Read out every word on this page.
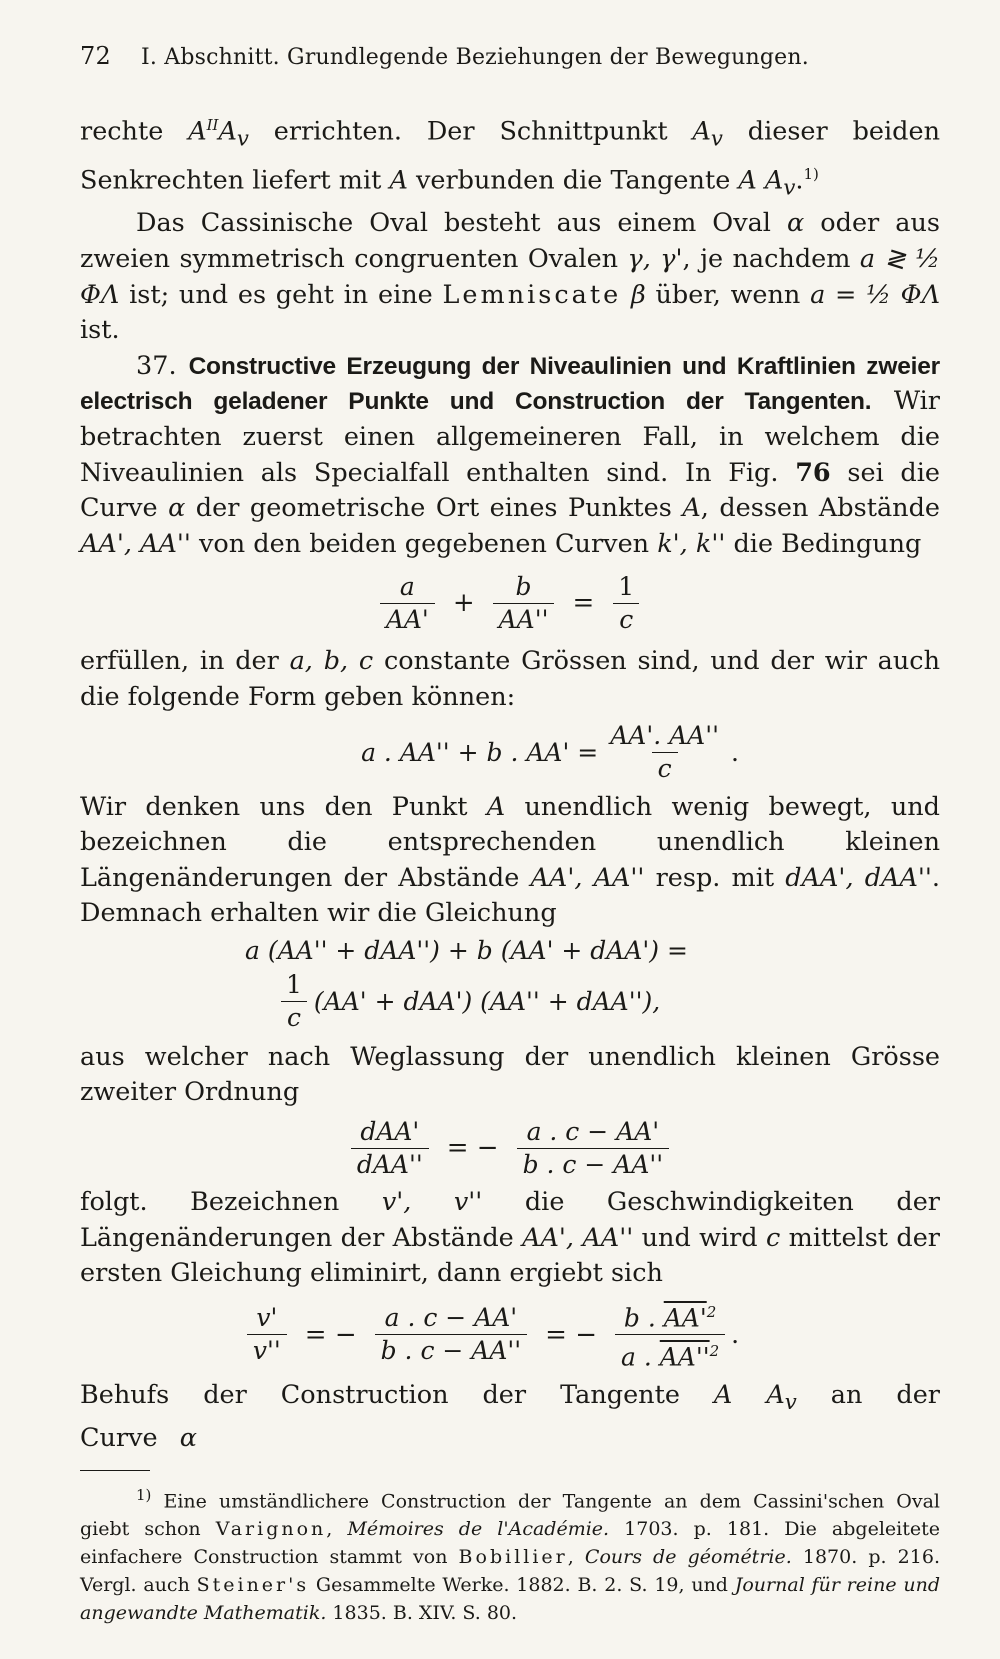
72 I. Abschnitt. Grundlegende Beziehungen der Bewegungen.

rechte $A^{II}A_v$ errichten. Der Schnittpunkt $A_v$ dieser beiden Senkrechten liefert mit A verbunden die Tangente A $A_v.^{1)}$

Das Cassinische Oval besteht aus einem Oval α oder aus zweien symmetrisch congruenten Ovalen γ, γ', je nachdem a ≷ ½ ΦΛ ist; und es geht in eine Lemniscate β über, wenn a = ½ ΦΛ ist.

37. Constructive Erzeugung der Niveaulinien und Kraftlinien zweier electrisch geladener Punkte und Construction der Tangenten. Wir betrachten zuerst einen allgemeineren Fall, in welchem die Niveaulinien als Specialfall enthalten sind. In Fig. 76 sei die Curve α der geometrische Ort eines Punktes A, dessen Abstände AA', AA'' von den beiden gegebenen Curven k', k'' die Bedingung

$\frac{a}{AA'} + \frac{b}{AA''} = \frac{1}{c}$

erfüllen, in der a, b, c constante Grössen sind, und der wir auch die folgende Form geben können:

a . AA'' + b . $AA' = \frac{AA'. AA''}{c}$ .

Wir denken uns den Punkt A unendlich wenig bewegt, und bezeichnen die entsprechenden unendlich kleinen Längenänderungen der Abstände AA', AA'' resp. mit dAA', dAA''. Demnach erhalten wir die Gleichung

a (AA'' + dAA'') + b (AA' + dAA') =
$\frac{1}{c} (AA' + dAA') (AA'' + dAA'')$,

aus welcher nach Weglassung der unendlich kleinen Grösse zweiter Ordnung

$\frac{\text{dAA'}}{\text{dAA''}}$ = − $\frac{a . c - AA'}{b . c - AA''}$

folgt. Bezeichnen v', v'' die Geschwindigkeiten der Längenänderungen der Abstände AA', AA'' und wird c mittelst der ersten Gleichung eliminirt, dann ergiebt sich

$\frac{v'}{v''}$ = − $\frac{a . c - AA'}{b . c - AA''}$ = − $\frac{b . AA'^2}{a . AA''^2}$ .

Behufs der Construction der Tangente A $A_v$ an der Curve α

$^{1)}$ Eine umständlichere Construction der Tangente an dem Cassini'schen Oval giebt schon Varignon, Mémoires de l'Académie. 1703. p. 181. Die abgeleitete einfachere Construction stammt von Bobillier, Cours de géométrie. 1870. p. 216. Vergl. auch Steiner's Gesammelte Werke. 1882. B. 2. S. 19, und Journal für reine und angewandte Mathematik. 1835. B. XIV. S. 80.
